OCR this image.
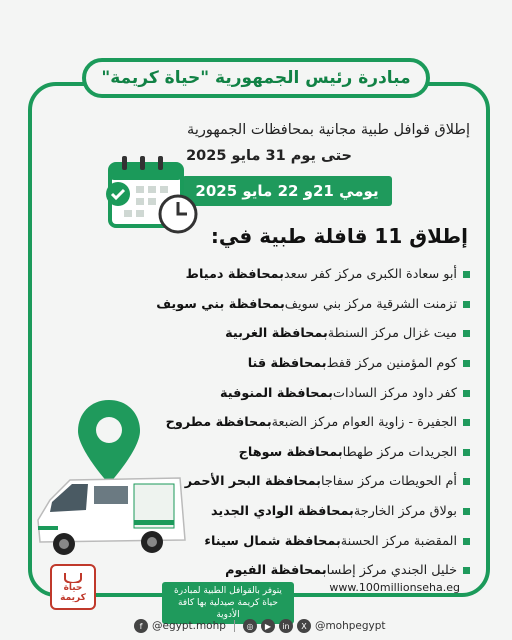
مبادرة رئيس الجمهورية "حياة كريمة"
إطلاق قوافل طبية مجانية بمحافظات الجمهورية
حتى يوم 31 مايو 2025
يومي 21و 22 مايو 2025
إطلاق 11 قافلة طبية في:
أبو سعادة الكبرى مركز كفر سعد
بمحافظة دمياط
تزمنت الشرقية مركز بني سويف
بمحافظة بني سويف
ميت غزال مركز السنطة
بمحافظة الغربية
كوم المؤمنين مركز قفط
بمحافظة قنا
كفر داود مركز السادات
بمحافظة المنوفية
الجفيرة - زاوية العوام مركز الضبعة
بمحافظة مطروح
الجريدات مركز طهطا
بمحافظة سوهاج
أم الحويطات مركز سفاجا
بمحافظة البحر الأحمر
بولاق مركز الخارجة
بمحافظة الوادي الجديد
المقضبة مركز الحسنة
بمحافظة شمال سيناء
خليل الجندي مركز إطسا
بمحافظة الفيوم
حياة كريمة
www.100millionseha.eg
يتوفر بالقوافل الطبية لمبادرة حياة كريمة صيدلية بها كافة الأدوية
f @egypt.mohp	◎	▶	in	X @mohpegypt
